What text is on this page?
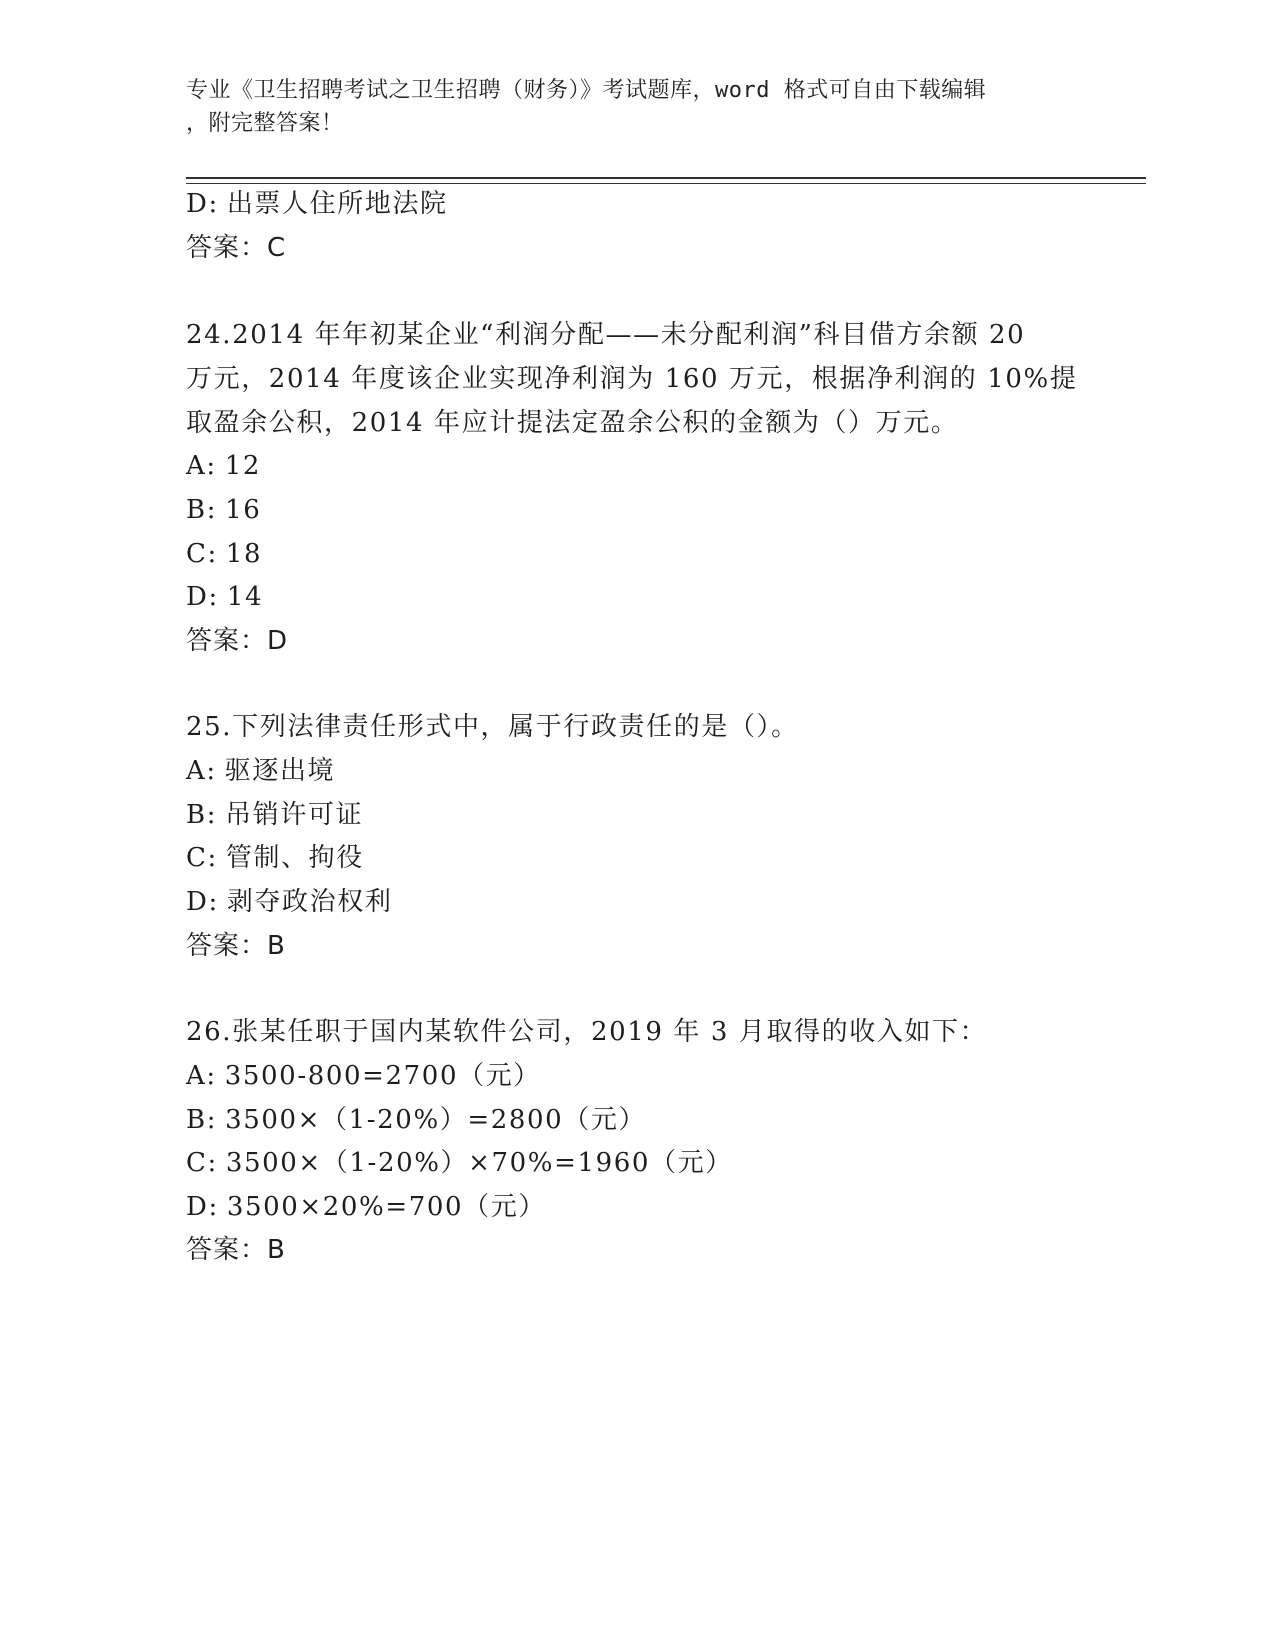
专业《卫生招聘考试之卫生招聘（财务）》考试题库，word 格式可自由下载编辑
，附完整答案！
D: 出票人住所地法院
答案：C
24.2014 年年初某企业“利润分配——未分配利润”科目借方余额 20
万元，2014 年度该企业实现净利润为 160 万元，根据净利润的 10%提
取盈余公积，2014 年应计提法定盈余公积的金额为（）万元。
A: 12
B: 16
C: 18
D: 14
答案：D
25.下列法律责任形式中，属于行政责任的是（）。
A: 驱逐出境
B: 吊销许可证
C: 管制、拘役
D: 剥夺政治权利
答案：B
26.张某任职于国内某软件公司，2019 年 3 月取得的收入如下：
A: 3500-800=2700（元）
B: 3500×（1-20%）=2800（元）
C: 3500×（1-20%）×70%=1960（元）
D: 3500×20%=700（元）
答案：B
